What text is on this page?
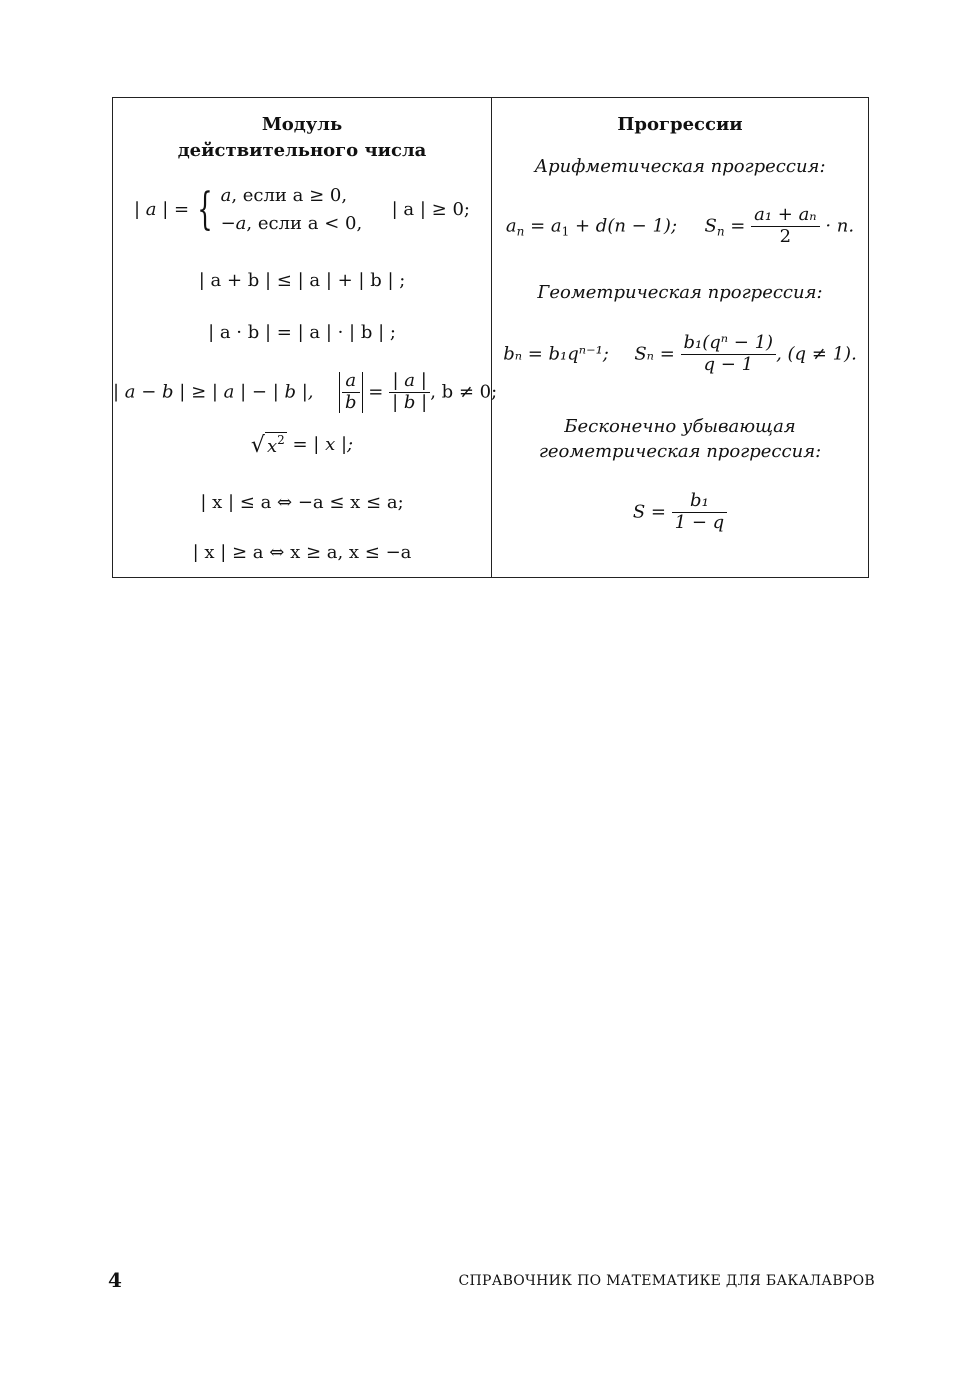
Модуль
действительного числа
| a | = { a, если a ≥ 0,
−a, если a < 0,
| a | ≥ 0;
| a + b | ≤ | a | + | b | ;
| a · b | = | a | · | b | ;
| a − b | ≥ | a | − | b |, $\frac{a}{b} = \frac{| a |}{| b |}$ , b ≠ 0;
√ $x^2$ = | x |;
| x | ≤ a ⇔ −a ≤ x ≤ a;
| x | ≥ a ⇔ x ≥ a, x ≤ −a
Прогрессии
Арифметическая прогрессия:
$a_n = a_1 + d(n - 1)$; $S_n = \frac{\text{a₁ + aₙ}}{2} \cdot n$.
Геометрическая прогрессия:
bₙ = b₁qⁿ⁻¹; $S_n = \frac{\text{b₁(qⁿ − 1)}}{q - 1}$ , (q ≠ 1).
Бесконечно убывающая
геометрическая прогрессия:
$S = \frac{\text{b₁}}{1 - q}$
4	СПРАВОЧНИК ПО МАТЕМАТИКЕ ДЛЯ БАКАЛАВРОВ
